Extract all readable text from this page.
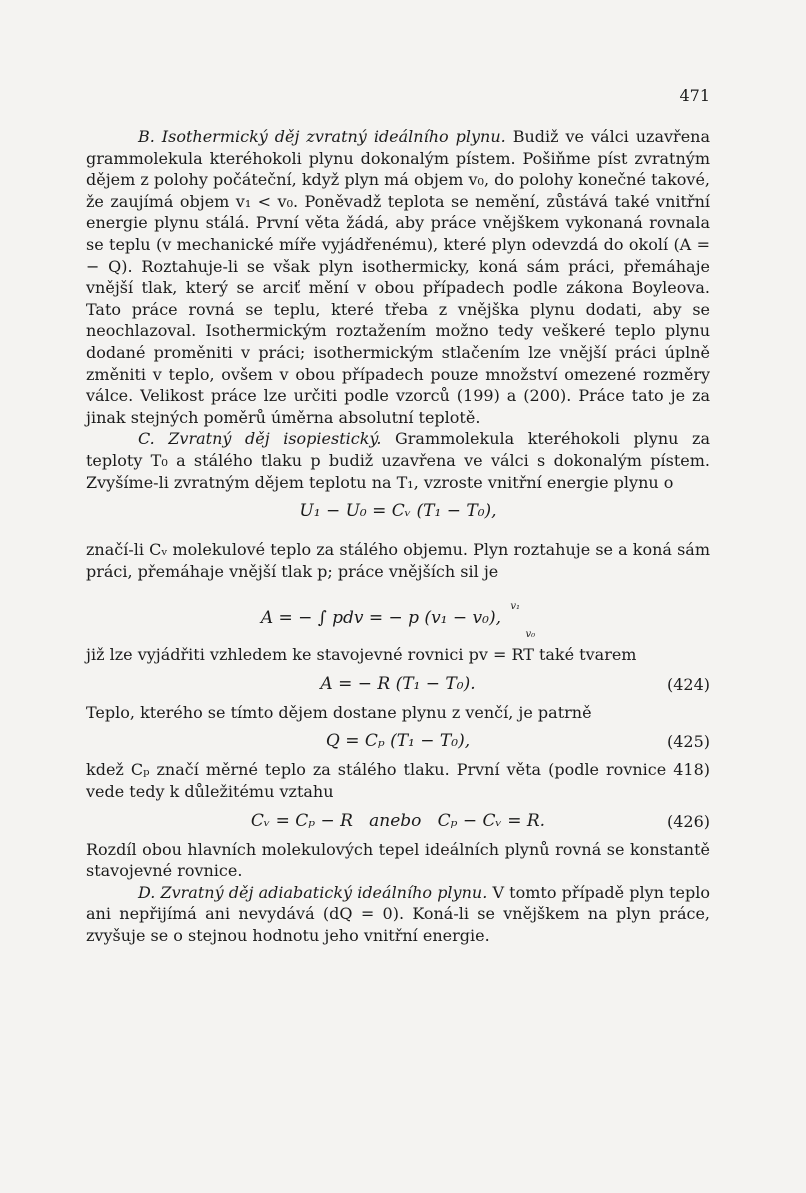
471

B. Isothermický děj zvratný ideálního plynu. Budiž ve válci uzavřena grammolekula kteréhokoli plynu dokonalým pístem. Pošiňme píst zvratným dějem z polohy počáteční, když plyn má objem v₀, do polohy konečné takové, že zaujímá objem v₁ < v₀. Poněvadž teplota se nemění, zůstává také vnitřní energie plynu stálá. První věta žádá, aby práce vnějškem vykonaná rovnala se teplu (v mechanické míře vyjádřenému), které plyn odevzdá do okolí (A = − Q). Roztahuje-li se však plyn isothermicky, koná sám práci, přemáhaje vnější tlak, který se arciť mění v obou případech podle zákona Boyleova. Tato práce rovná se teplu, které třeba z vnějška plynu dodati, aby se neochlazoval. Isothermickým roztažením možno tedy veškeré teplo plynu dodané proměniti v práci; isothermickým stlačením lze vnější práci úplně změniti v teplo, ovšem v obou případech pouze množství omezené rozměry válce. Velikost práce lze určiti podle vzorců (199) a (200). Práce tato je za jinak stejných poměrů úměrna absolutní teplotě.

C. Zvratný děj isopiestický. Grammolekula kteréhokoli plynu za teploty T₀ a stálého tlaku p budiž uzavřena ve válci s dokonalým pístem. Zvyšíme-li zvratným dějem teplotu na T₁, vzroste vnitřní energie plynu o

U₁ − U₀ = Cᵥ (T₁ − T₀),

značí-li Cᵥ molekulové teplo za stálého objemu. Plyn roztahuje se a koná sám práci, přemáhaje vnější tlak p; práce vnějších sil je

A = − ∫ pdv = − p (v₁ − v₀), $^{v_1}$ $_{v_0}$

již lze vyjádřiti vzhledem ke stavojevné rovnici pv = RT také tvarem

A = − R (T₁ − T₀).	(424)

Teplo, kterého se tímto dějem dostane plynu z venčí, je patrně

Q = Cₚ (T₁ − T₀),	(425)

kdež Cₚ značí měrné teplo za stálého tlaku. První věta (podle rovnice 418) vede tedy k důležitému vztahu

Cᵥ = Cₚ − R   anebo   Cₚ − Cᵥ = R.	(426)

Rozdíl obou hlavních molekulových tepel ideálních plynů rovná se konstantě stavojevné rovnice.

D. Zvratný děj adiabatický ideálního plynu. V tomto případě plyn teplo ani nepřijímá ani nevydává (dQ = 0). Koná-li se vnějškem na plyn práce, zvyšuje se o stejnou hodnotu jeho vnitřní energie.
